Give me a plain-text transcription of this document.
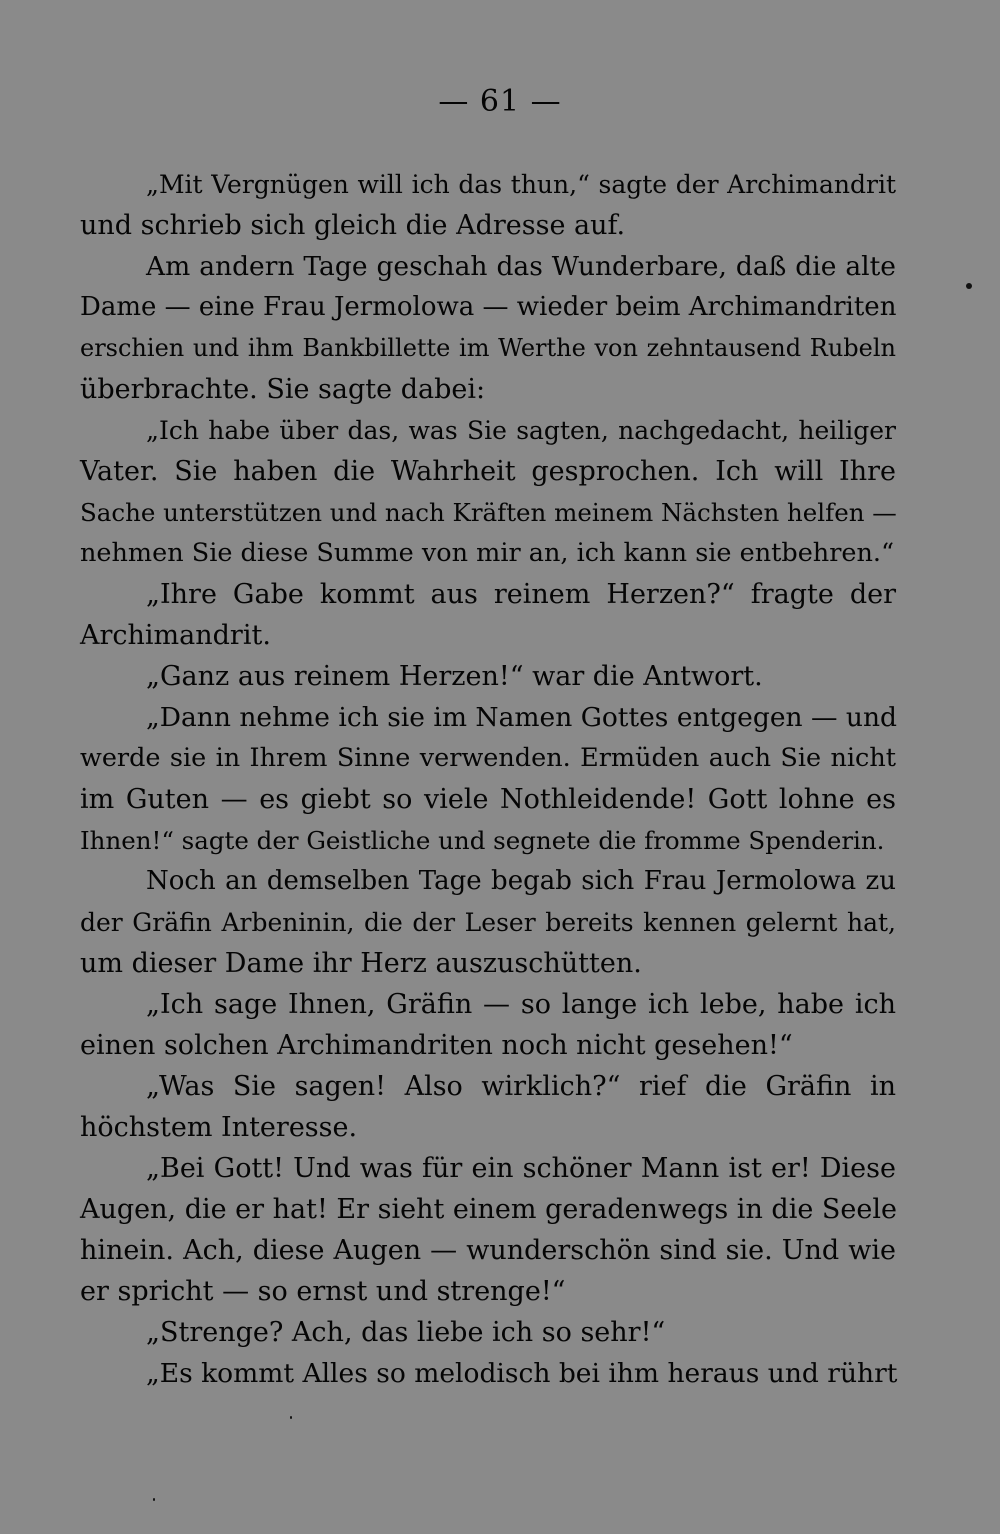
— 61 —
„Mit Vergnügen will ich das thun,“ sagte der Archimandrit
und schrieb sich gleich die Adresse auf.
Am andern Tage geschah das Wunderbare, daß die alte
Dame — eine Frau Jermolowa — wieder beim Archimandriten
erschien und ihm Bankbillette im Werthe von zehntausend Rubeln
überbrachte. Sie sagte dabei:
„Ich habe über das, was Sie sagten, nachgedacht, heiliger
Vater. Sie haben die Wahrheit gesprochen. Ich will Ihre
Sache unterstützen und nach Kräften meinem Nächsten helfen —
nehmen Sie diese Summe von mir an, ich kann sie entbehren.“
„Ihre Gabe kommt aus reinem Herzen?“ fragte der
Archimandrit.
„Ganz aus reinem Herzen!“ war die Antwort.
„Dann nehme ich sie im Namen Gottes entgegen — und
werde sie in Ihrem Sinne verwenden. Ermüden auch Sie nicht
im Guten — es giebt so viele Nothleidende! Gott lohne es
Ihnen!“ sagte der Geistliche und segnete die fromme Spenderin.
Noch an demselben Tage begab sich Frau Jermolowa zu
der Gräfin Arbeninin, die der Leser bereits kennen gelernt hat,
um dieser Dame ihr Herz auszuschütten.
„Ich sage Ihnen, Gräfin — so lange ich lebe, habe ich
einen solchen Archimandriten noch nicht gesehen!“
„Was Sie sagen! Also wirklich?“ rief die Gräfin in
höchstem Interesse.
„Bei Gott! Und was für ein schöner Mann ist er! Diese
Augen, die er hat! Er sieht einem geradenwegs in die Seele
hinein. Ach, diese Augen — wunderschön sind sie. Und wie
er spricht — so ernst und strenge!“
„Strenge? Ach, das liebe ich so sehr!“
„Es kommt Alles so melodisch bei ihm heraus und rührt
